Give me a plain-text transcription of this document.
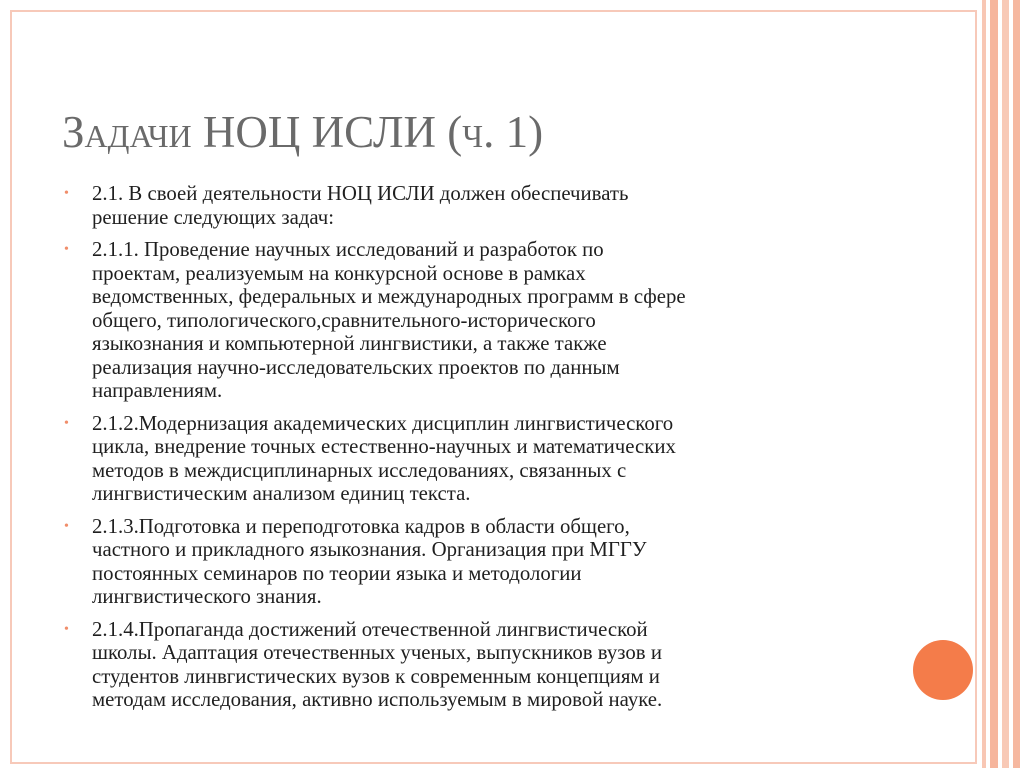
Задачи НОЦ ИСЛИ (ч. 1)
• 2.1. В своей деятельности НОЦ ИСЛИ должен обеспечивать
решение следующих задач:
• 2.1.1. Проведение научных исследований и разработок по
проектам, реализуемым на конкурсной основе в рамках
ведомственных, федеральных и международных программ в сфере
общего, типологического,сравнительного-исторического
языкознания и компьютерной лингвистики, а также также
реализация научно-исследовательских проектов по данным
направлениям.
• 2.1.2.Модернизация академических дисциплин лингвистического
цикла, внедрение точных естественно-научных и математических
методов в междисциплинарных исследованиях, связанных с
лингвистическим анализом единиц текста.
• 2.1.3.Подготовка и переподготовка кадров в области общего,
частного и прикладного языкознания. Организация при МГГУ
постоянных семинаров по теории языка и методологии
лингвистического знания.
• 2.1.4.Пропаганда достижений отечественной лингвистической
школы. Адаптация отечественных ученых, выпускников вузов и
студентов линвгистических вузов к современным концепциям и
методам исследования, активно используемым в мировой науке.
